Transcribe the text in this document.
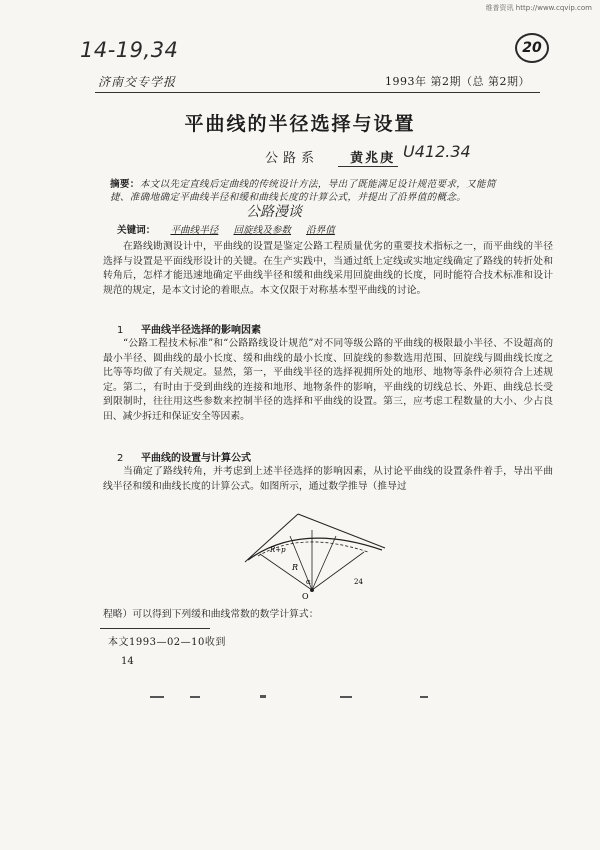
维普资讯 http://www.cqvip.com
14-19,34	20
济南交专学报	1993年 第2期（总 第2期）
平曲线的半径选择与设置
公路系 黄兆庚 U412.34
摘要：本文以先定直线后定曲线的传统设计方法，导出了既能满足设计规范要求，又能简捷、准确地确定平曲线半径和缓和曲线长度的计算公式，并提出了沿界值的概念。
公路漫谈
关键词： 平曲线半径 回旋线及参数 沿界值

在路线勘测设计中，平曲线的设置是鉴定公路工程质量优劣的重要技术指标之一，而平曲线的半径选择与设置是平面线形设计的关键。在生产实践中，当通过纸上定线或实地定线确定了路线的转折处和转角后，怎样才能迅速地确定平曲线半径和缓和曲线采用回旋曲线的长度，同时能符合技术标准和设计规范的规定，是本文讨论的着眼点。本文仅限于对称基本型平曲线的讨论。

1 平曲线半径选择的影响因素

“公路工程技术标准”和“公路路线设计规范”对不同等级公路的平曲线的极限最小半径、不设超高的最小半径、圆曲线的最小长度、缓和曲线的最小长度、回旋线的参数选用范围、回旋线与圆曲线长度之比等等均做了有关规定。显然，第一，平曲线半径的选择视拥所处的地形、地物等条件必须符合上述规定。第二，有时由于受到曲线的连接和地形、地物条件的影响，平曲线的切线总长、外距、曲线总长受到限制时，往往用这些参数来控制半径的选择和平曲线的设置。第三，应考虑工程数量的大小、少占良田、减少拆迁和保证安全等因素。

2 平曲线的设置与计算公式

当确定了路线转角，并考虑到上述半径选择的影响因素，从讨论平曲线的设置条件着手，导出平曲线半径和缓和曲线长度的计算公式。如图所示，通过数学推导（推导过

R
R+p
α
O
24
程略）可以得到下列缓和曲线常数的数学计算式：
本文1993—02—10收到
14
